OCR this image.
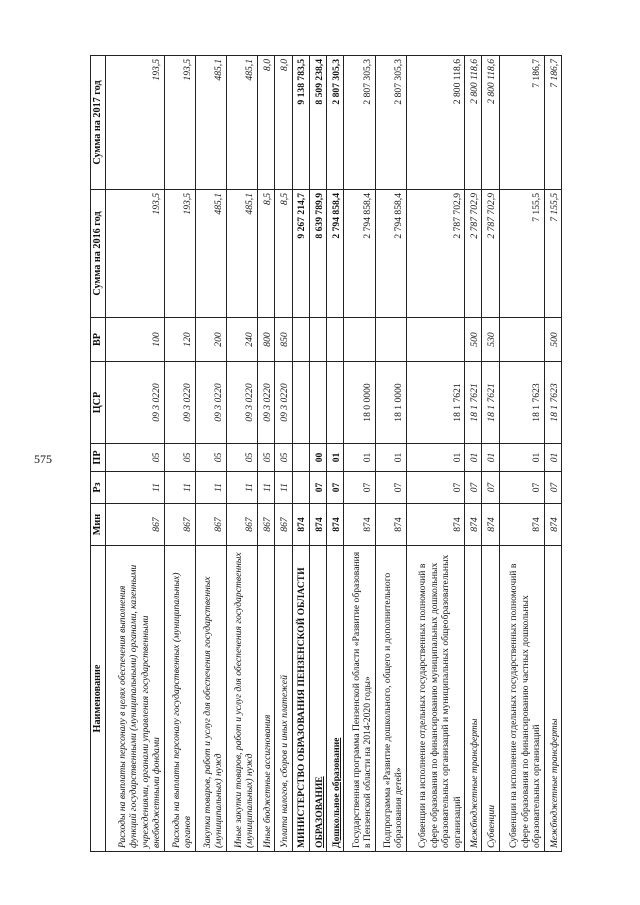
575
Наименование	Мин	Рз	ПР	ЦСР	ВР	Сумма на 2016 год	Сумма на 2017 год
Расходы на выплаты персоналу в целях обеспечения выполнения функций государственными (муниципальными) органами, казенными учреждениями, органами управления государственными внебюджетными фондами	867	11	05	09 3 0220	100	193,5	193,5
Расходы на выплаты персоналу государственных (муниципальных) органов	867	11	05	09 3 0220	120	193,5	193,5
Закупка товаров, работ и услуг для обеспечения государственных (муниципальных) нужд	867	11	05	09 3 0220	200	485,1	485,1
Иные закупки товаров, работ и услуг для обеспечения государственных (муниципальных) нужд	867	11	05	09 3 0220	240	485,1	485,1
Иные бюджетные ассигнования	867	11	05	09 3 0220	800	8,5	8,0
Уплата налогов, сборов и иных платежей	867	11	05	09 3 0220	850	8,5	8,0
МИНИСТЕРСТВО ОБРАЗОВАНИЯ ПЕНЗЕНСКОЙ ОБЛАСТИ	874					9 267 214,7	9 138 783,5
ОБРАЗОВАНИЕ	874	07	00			8 639 789,9	8 509 238,4
Дошкольное образование	874	07	01			2 794 858,4	2 807 305,3
Государственная программа Пензенской области «Развитие образования в Пензенской области на 2014-2020 годы»	874	07	01	18 0 0000		2 794 858,4	2 807 305,3
Подпрограмма «Развитие дошкольного, общего и дополнительного образования детей»	874	07	01	18 1 0000		2 794 858,4	2 807 305,3
Субвенции на исполнение отдельных государственных полномочий в сфере образования по финансированию муниципальных дошкольных образовательных организаций и муниципальных общеобразовательных организаций	874	07	01	18 1 7621		2 787 702,9	2 800 118,6
Межбюджетные трансферты	874	07	01	18 1 7621	500	2 787 702,9	2 800 118,6
Субвенции	874	07	01	18 1 7621	530	2 787 702,9	2 800 118,6
Субвенции на исполнение отдельных государственных полномочий в сфере образования по финансированию частных дошкольных образовательных организаций	874	07	01	18 1 7623		7 155,5	7 186,7
Межбюджетные трансферты	874	07	01	18 1 7623	500	7 155,5	7 186,7
